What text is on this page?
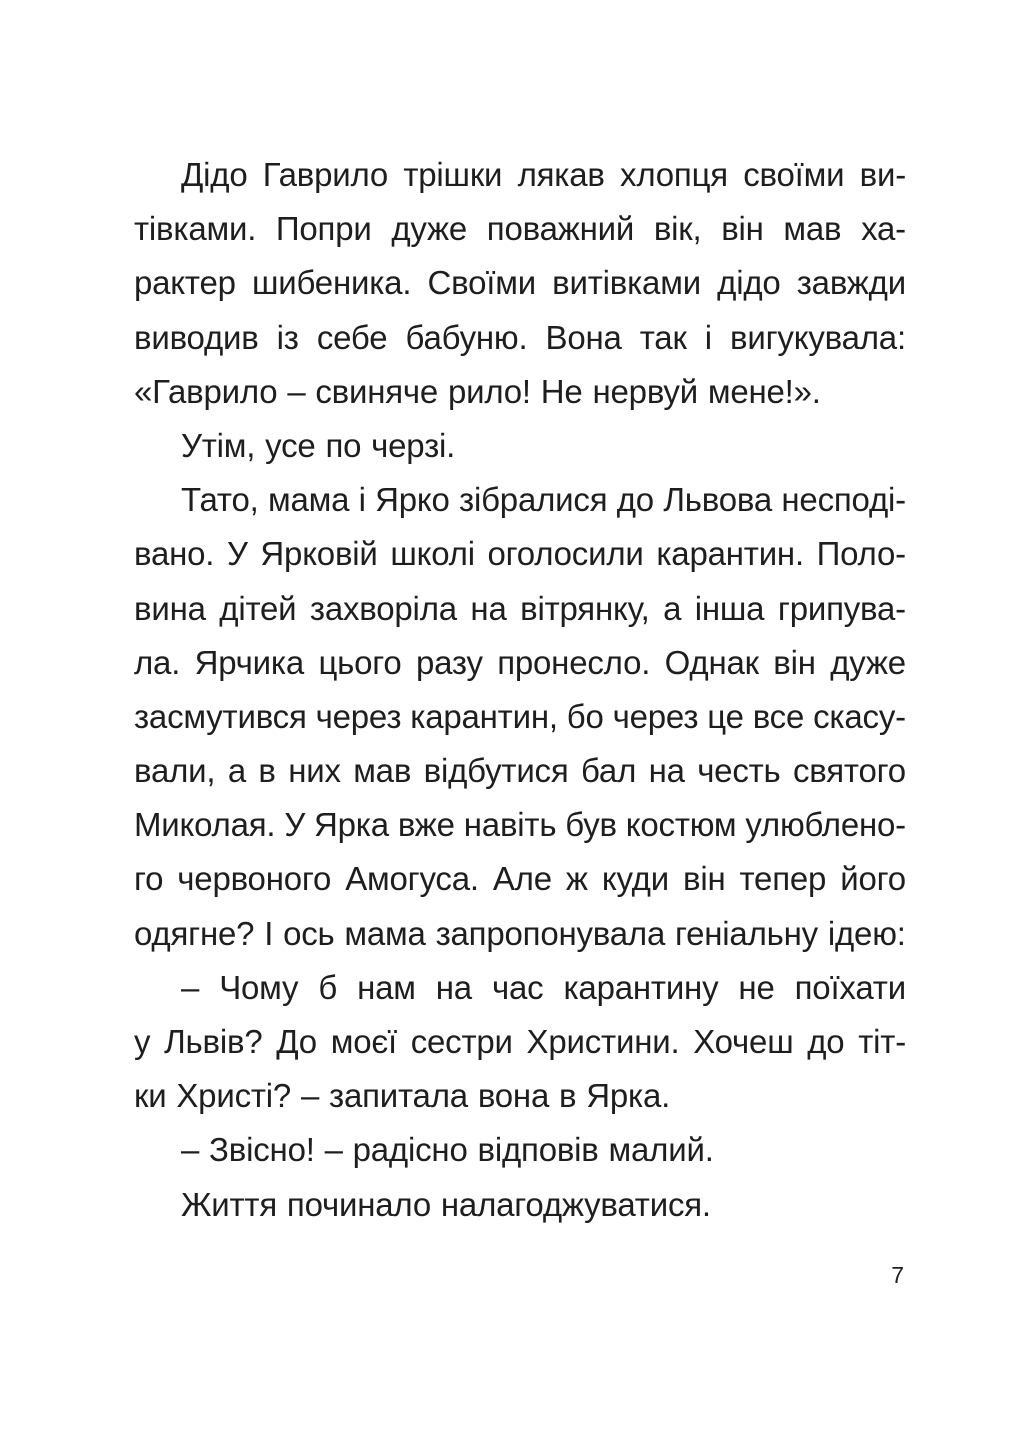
Дідо Гаврило трішки лякав хлопця своїми ви-
тівками. Попри дуже поважний вік, він мав ха-
рактер шибеника. Своїми витівками дідо завжди
виводив із себе бабуню. Вона так і вигукувала:
«Гаврило – свиняче рило! Не нервуй мене!».
Утім, усе по черзі.
Тато, мама і Ярко зібралися до Львова несподі-
вано. У Ярковій школі оголосили карантин. Поло-
вина дітей захворіла на вітрянку, а інша грипува-
ла. Ярчика цього разу пронесло. Однак він дуже
засмутився через карантин, бо через це все скасу-
вали, а в них мав відбутися бал на честь святого
Миколая. У Ярка вже навіть був костюм улюблено-
го червоного Амогуса. Але ж куди він тепер його
одягне? І ось мама запропонувала геніальну ідею:
– Чому б нам на час карантину не поїхати
у Львів? До моєї сестри Христини. Хочеш до тіт-
ки Христі? – запитала вона в Ярка.
– Звісно! – радісно відповів малий.
Життя починало налагоджуватися.
7
